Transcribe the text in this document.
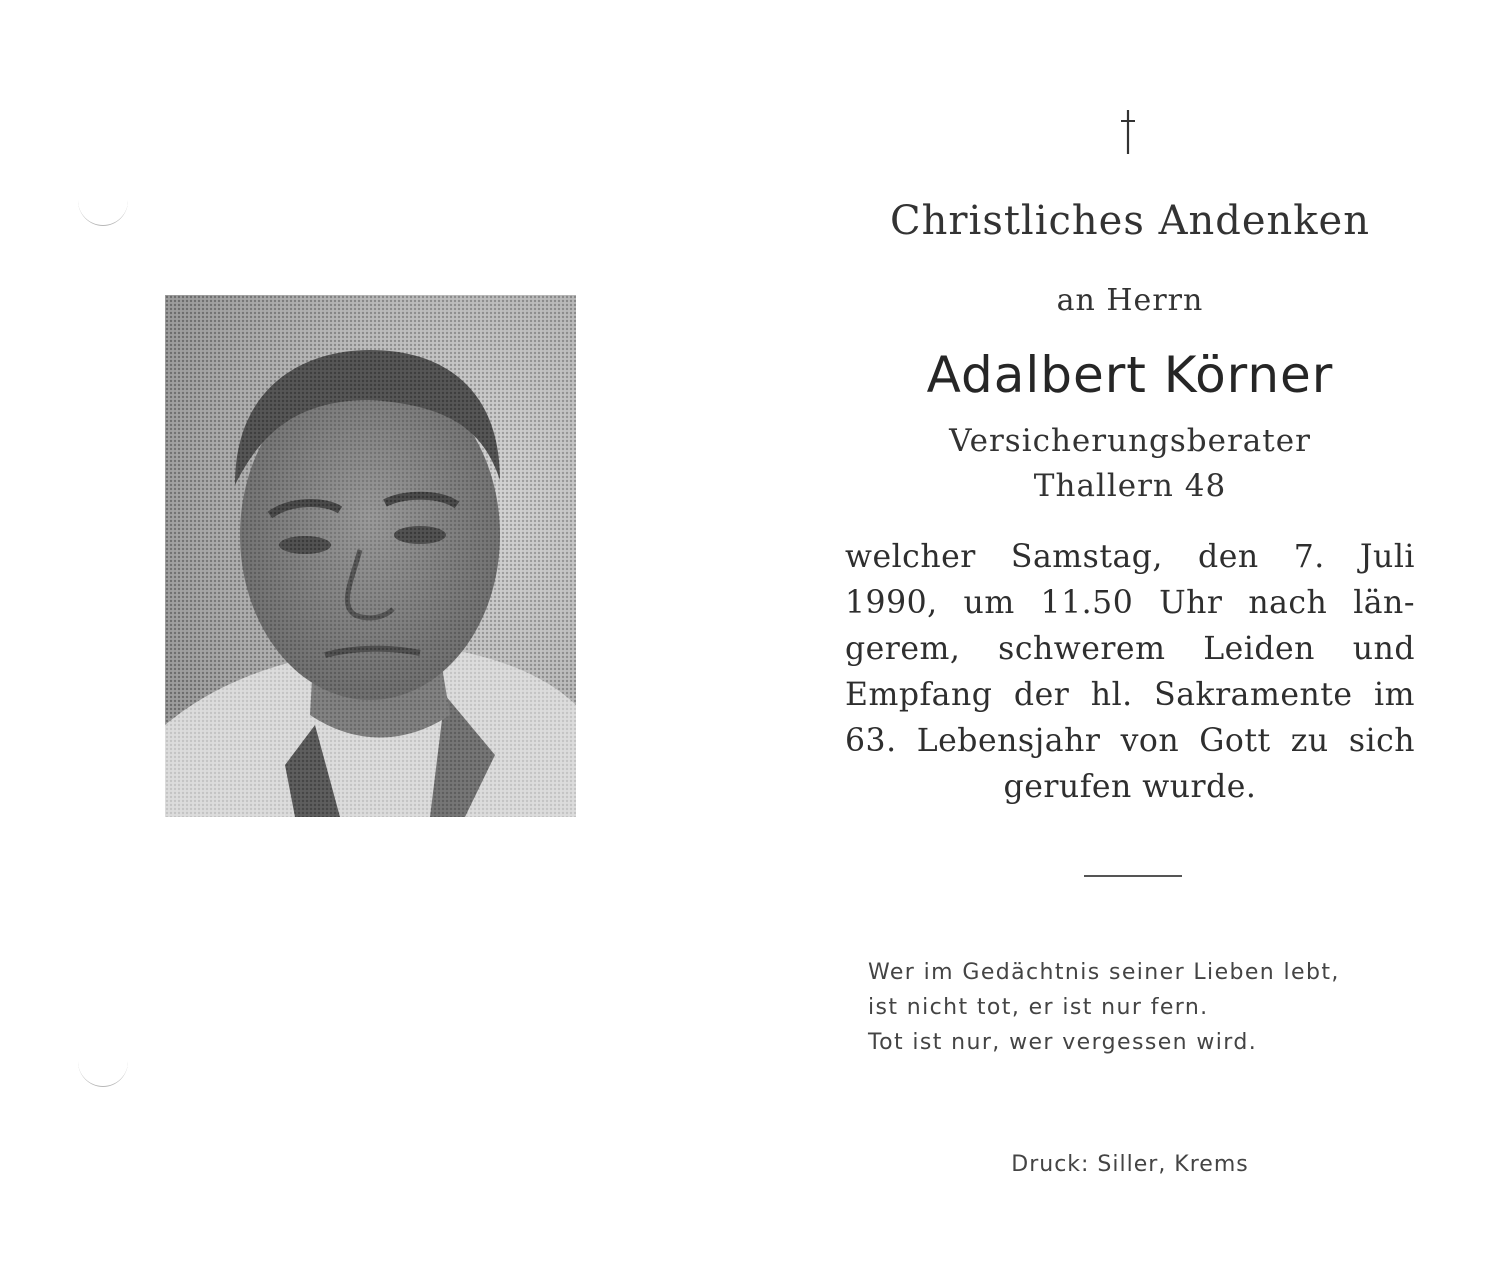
Christliches Andenken
an Herrn
Adalbert Körner
Versicherungsberater
Thallern 48
welcher Samstag, den 7. Juli
1990, um 11.50 Uhr nach län-
gerem, schwerem Leiden und
Empfang der hl. Sakramente im
63. Lebensjahr von Gott zu sich
gerufen wurde.
Wer im Gedächtnis seiner Lieben lebt,
ist nicht tot, er ist nur fern.
Tot ist nur, wer vergessen wird.
Druck: Siller, Krems
